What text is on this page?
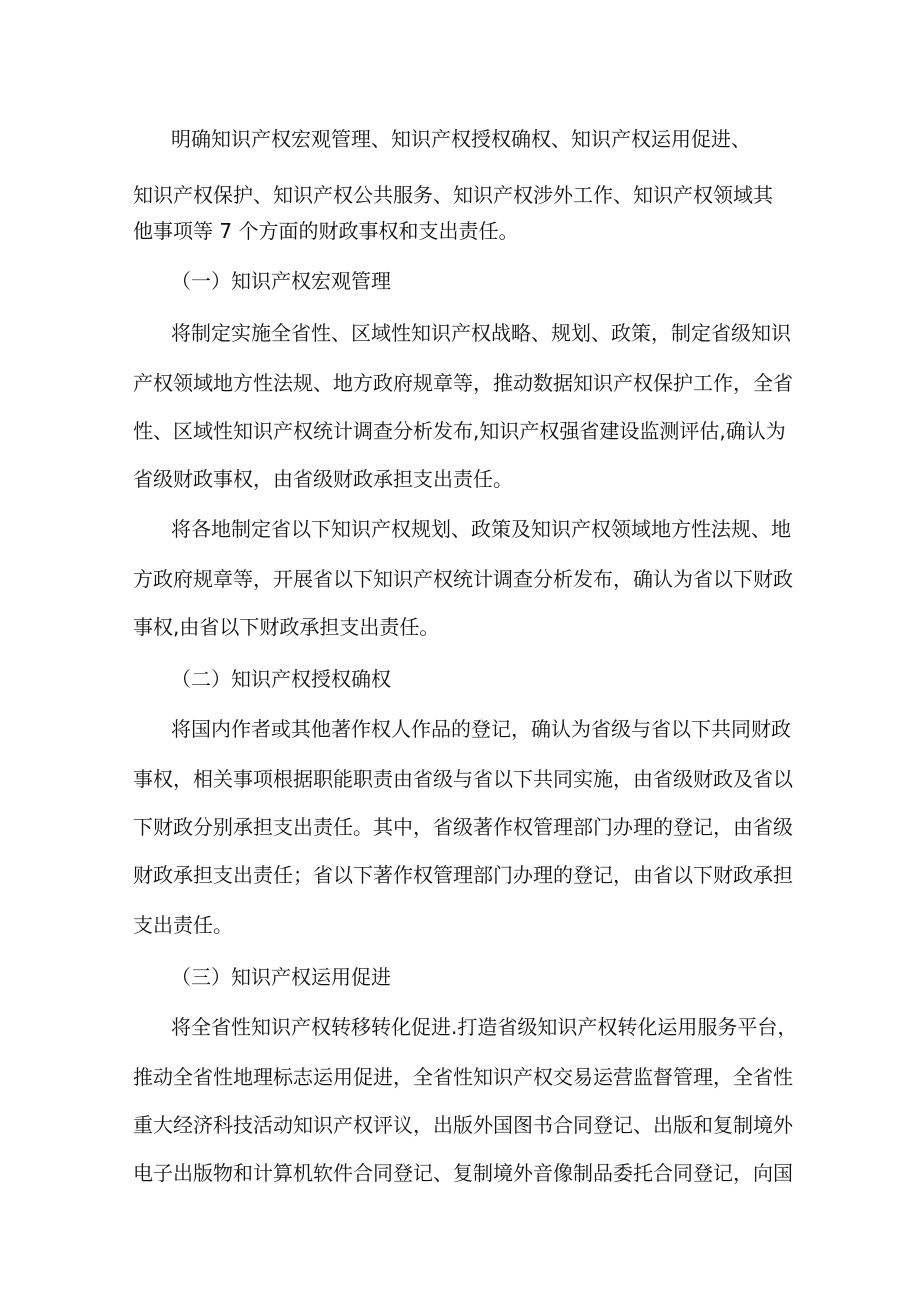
明确知识产权宏观管理、知识产权授权确权、知识产权运用促进、
知识产权保护、知识产权公共服务、知识产权涉外工作、知识产权领域其
他事项等 7 个方面的财政事权和支出责任。
（一）知识产权宏观管理
将制定实施全省性、区域性知识产权战略、规划、政策，制定省级知识
产权领域地方性法规、地方政府规章等，推动数据知识产权保护工作，全省
性、区域性知识产权统计调查分析发布,知识产权强省建设监测评估,确认为
省级财政事权，由省级财政承担支出责任。
将各地制定省以下知识产权规划、政策及知识产权领域地方性法规、地
方政府规章等，开展省以下知识产权统计调查分析发布，确认为省以下财政
事权,由省以下财政承担支出责任。
（二）知识产权授权确权
将国内作者或其他著作权人作品的登记，确认为省级与省以下共同财政
事权，相关事项根据职能职责由省级与省以下共同实施，由省级财政及省以
下财政分别承担支出责任。其中，省级著作权管理部门办理的登记，由省级
财政承担支出责任；省以下著作权管理部门办理的登记，由省以下财政承担
支出责任。
（三）知识产权运用促进
将全省性知识产权转移转化促进.打造省级知识产权转化运用服务平台，
推动全省性地理标志运用促进，全省性知识产权交易运营监督管理，全省性
重大经济科技活动知识产权评议，出版外国图书合同登记、出版和复制境外
电子出版物和计算机软件合同登记、复制境外音像制品委托合同登记，向国
